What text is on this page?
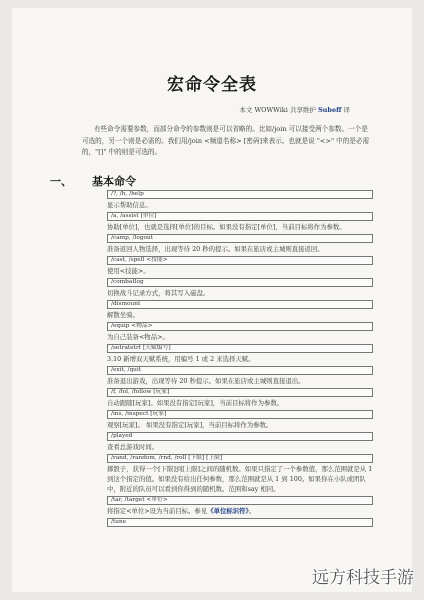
宏命令全表
本文 WOWWiki 共享维护 Subeff 译
有些命令需要参数，而部分命令的参数则是可以省略的。比如/join 可以接受两个参数。一个是可选的，另一个则是必需的。我们用/join <频道名称> [密码]来表示。也就是说 "<>" 中的是必需的，"[]" 中的则是可选的。
一、 基本命令
/?, /h, /help
显示帮助信息。
/a, /assist [单位]
协助[单位]，也就是选择[单位]的目标。如果没有指定[单位]，当前目标将作为参数。
/camp, /logout
准备返回人物选择，出现等待 20 秒的提示。如果在旅店或主城则直接返回。
/cast, /spell <技能>
使用<技能>。
/combatlog
切换战斗记录方式，将其写入磁盘。
/dismount
解散坐骑。
/equip <物品>
为自己装备<物品>。
/setratetrt [天赋编号]
3.10 新增双天赋系统，用编号 1 或 2 来选择天赋。
/exit, /quit
准备退出游戏，出现等待 20 秒提示。如果在旅店或主城则直接退出。
/f, /fol, /follow [玩家]
自动跟随[玩家]。如果没有指定[玩家]，当前目标将作为参数。
/ins, /inspect [玩家]
观察[玩家]。 如果没有指定[玩家]，当前目标将作为参数。
/played
查看总游戏时间。
/rand, /random, /rnd, /roll [下限] [上限]
掷骰子，获得一个[下限]到[上限]之间的随机数。如果只指定了一个参数值，那么范围就是从 1 到这个指定的值。如果没有给出任何参数，那么范围就是从 1 到 100。如果你在小队或团队中，附近的队员可以看到你得到的随机数。范围和say 相同。
/tar, /target <单位>
将指定<单位>设为当前目标。参见《单位标识符》。
/tune
远方科技手游
